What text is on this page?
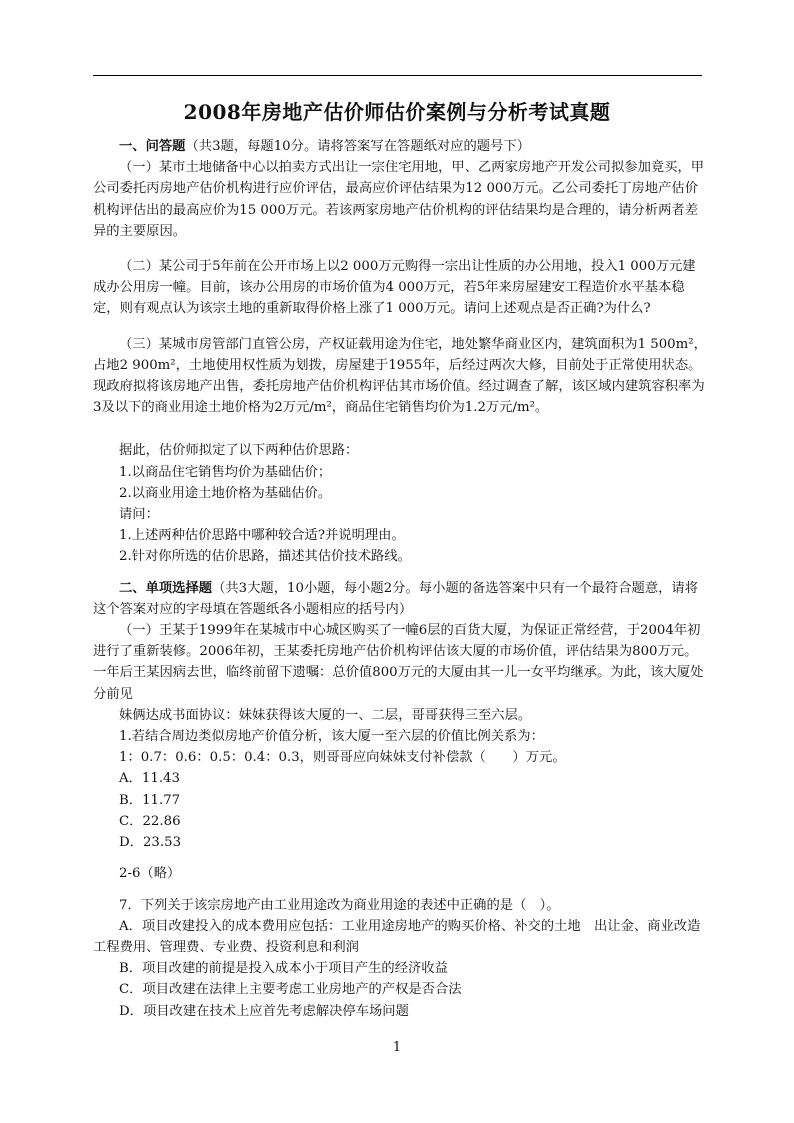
2008年房地产估价师估价案例与分析考试真题

一、问答题（共3题，每题10分。请将答案写在答题纸对应的题号下）

（一）某市土地储备中心以拍卖方式出让一宗住宅用地，甲、乙两家房地产开发公司拟参加竟买，甲公司委托丙房地产估价机构进行应价评估，最高应价评估结果为12 000万元。乙公司委托丁房地产估价机构评估出的最高应价为15 000万元。若该两家房地产估价机构的评估结果均是合理的，请分析两者差异的主要原因。

（二）某公司于5年前在公开市场上以2 000万元购得一宗出让性质的办公用地，投入1 000万元建成办公用房一幢。目前，该办公用房的市场价值为4 000万元，若5年来房屋建安工程造价水平基本稳定，则有观点认为该宗土地的重新取得价格上涨了1 000万元。请问上述观点是否正确?为什么?

（三）某城市房管部门直管公房，产权证载用途为住宅，地处繁华商业区内，建筑面积为1 500m²，占地2 900m²，土地使用权性质为划拨，房屋建于1955年，后经过两次大修，目前处于正常使用状态。现政府拟将该房地产出售，委托房地产估价机构评估其市场价值。经过调查了解，该区域内建筑容积率为3及以下的商业用途土地价格为2万元/m²，商品住宅销售均价为1.2万元/m²。

据此，估价师拟定了以下两种估价思路：

1.以商品住宅销售均价为基础估价；

2.以商业用途土地价格为基础估价。

请问：

1.上述两种估价思路中哪种较合适?并说明理由。

2.针对你所选的估价思路，描述其估价技术路线。

二、单项选择题（共3大题，10小题，每小题2分。每小题的备选答案中只有一个最符合题意，请将这个答案对应的字母填在答题纸各小题相应的括号内）

（一）王某于1999年在某城市中心城区购买了一幢6层的百货大厦，为保证正常经营，于2004年初进行了重新装修。2006年初，王某委托房地产估价机构评估该大厦的市场价值，评估结果为800万元。一年后王某因病去世，临终前留下遗嘱：总价值800万元的大厦由其一儿一女平均继承。为此，该大厦处分前见

妹俩达成书面协议：妹妹获得该大厦的一、二层，哥哥获得三至六层。

1.若结合周边类似房地产价值分析，该大厦一至六层的价值比例关系为：

1：0.7：0.6：0.5：0.4：0.3，则哥哥应向妹妹支付补偿款（　　）万元。

A．11.43

B．11.77

C．22.86

D．23.53

2-6（略）

7．下列关于该宗房地产由工业用途改为商业用途的表述中正确的是（　）。

A．项目改建投入的成本费用应包括：工业用途房地产的购买价格、补交的土地　出让金、商业改造工程费用、管理费、专业费、投资利息和利润

B．项目改建的前提是投入成本小于项目产生的经济收益

C．项目改建在法律上主要考虑工业房地产的产权是否合法

D．项目改建在技术上应首先考虑解决停车场问题

1
